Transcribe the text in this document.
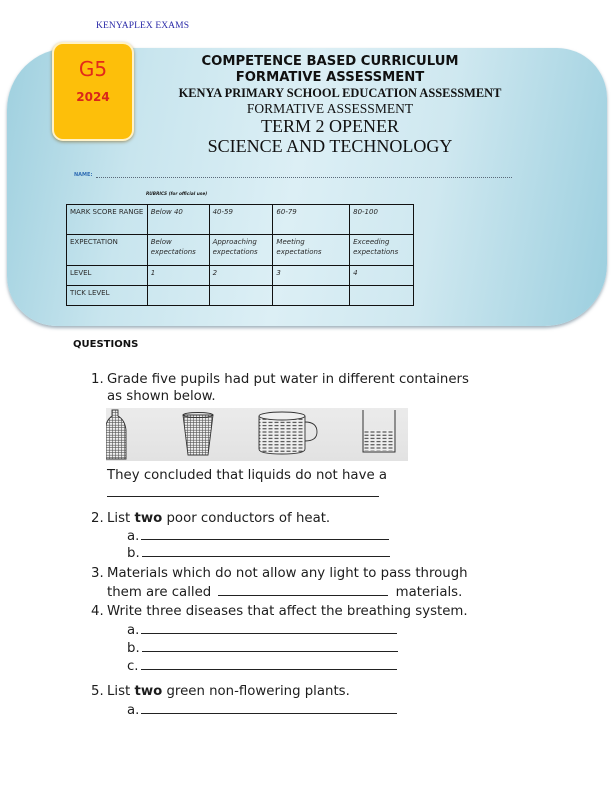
KENYAPLEX EXAMS
G5
2024
COMPETENCE BASED CURRICULUM
FORMATIVE ASSESSMENT
KENYA PRIMARY SCHOOL EDUCATION ASSESSMENT
FORMATIVE ASSESSMENT
TERM 2 OPENER
SCIENCE AND TECHNOLOGY
NAME:
RUBRICS (for official use)
MARK SCORE RANGE	Below 40	40-59	60-79	80-100
EXPECTATION	Below expectations	Approaching expectations	Meeting expectations	Exceeding expectations
LEVEL	1	2	3	4
TICK LEVEL				
QUESTIONS
1. Grade five pupils had put water in different containers
as shown below.
They concluded that liquids do not have a
2. List two poor conductors of heat.
a.
b.
3. Materials which do not allow any light to pass through
them are called	materials.
4. Write three diseases that affect the breathing system.
a.
b.
c.
5. List two green non-flowering plants.
a.
